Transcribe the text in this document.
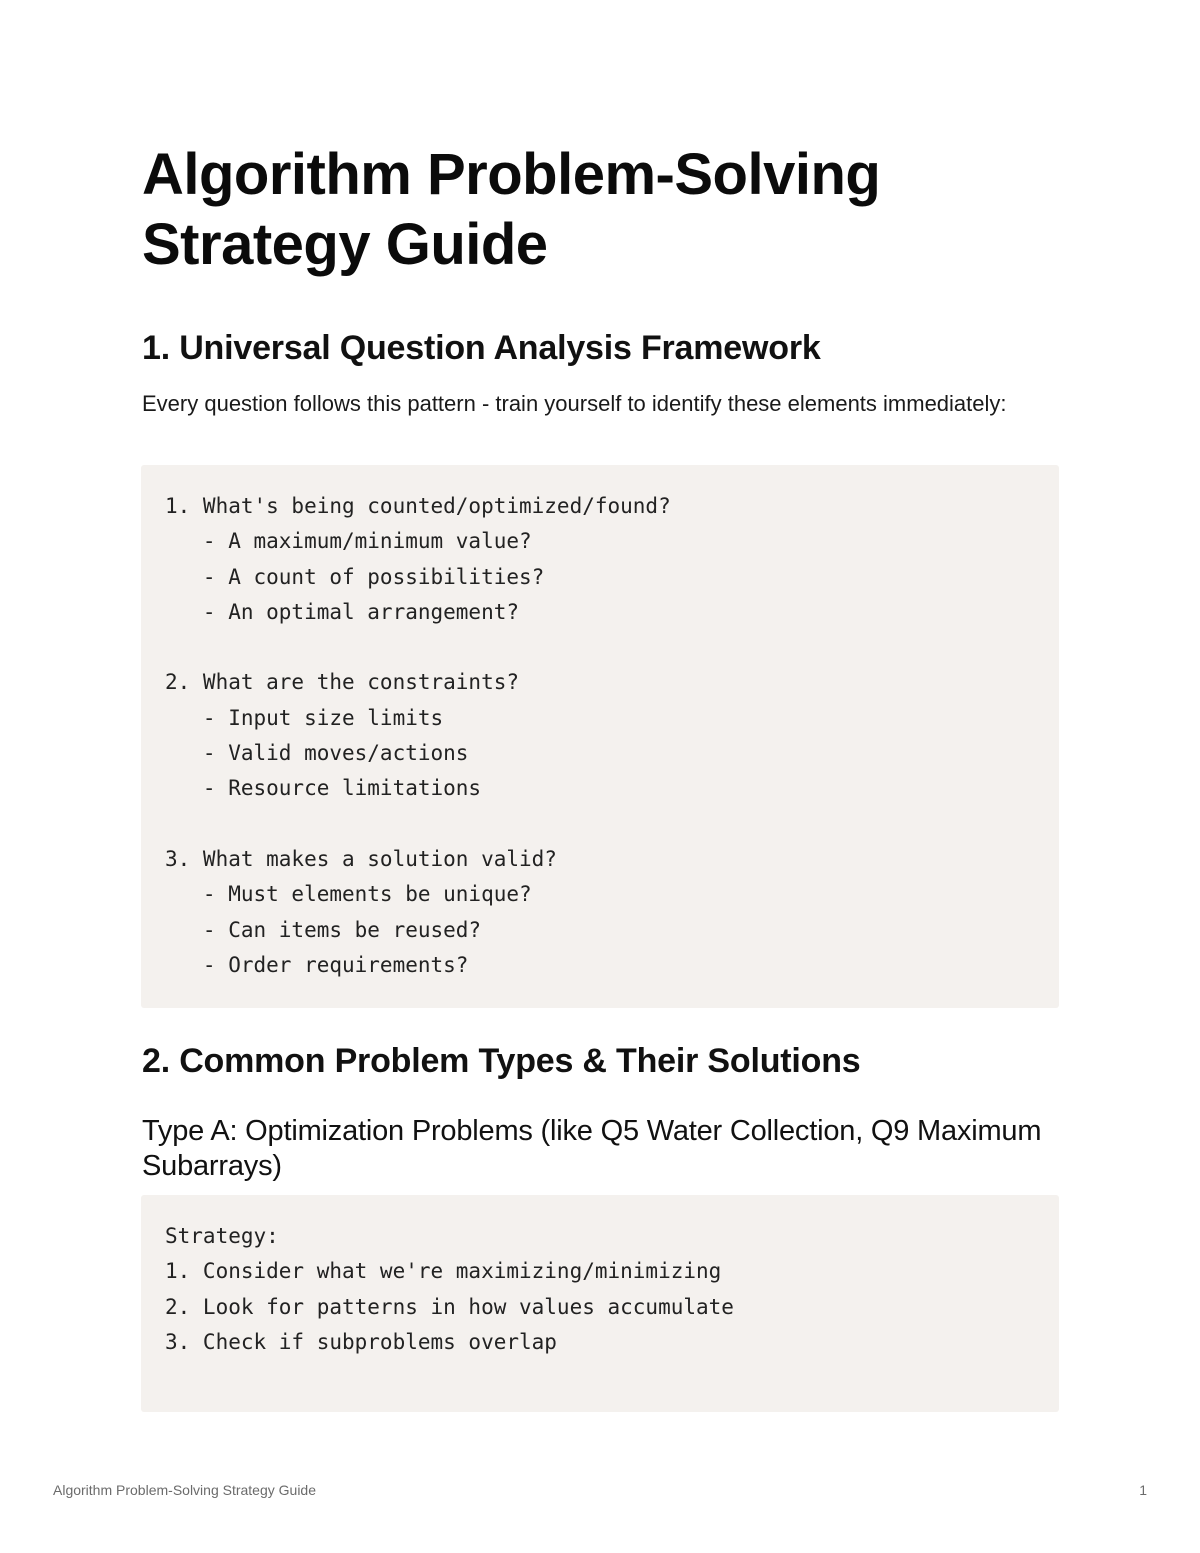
Algorithm Problem-Solving Strategy Guide
1. Universal Question Analysis Framework

Every question follows this pattern - train yourself to identify these elements immediately:

1. What's being counted/optimized/found?
- A maximum/minimum value?
- A count of possibilities?
- An optimal arrangement?
2. What are the constraints?
- Input size limits
- Valid moves/actions
- Resource limitations
3. What makes a solution valid?
- Must elements be unique?
- Can items be reused?
- Order requirements?
2. Common Problem Types & Their Solutions
Type A: Optimization Problems (like Q5 Water Collection, Q9 Maximum Subarrays)
Strategy:
1. Consider what we're maximizing/minimizing
2. Look for patterns in how values accumulate
3. Check if subproblems overlap
Algorithm Problem-Solving Strategy Guide	1
